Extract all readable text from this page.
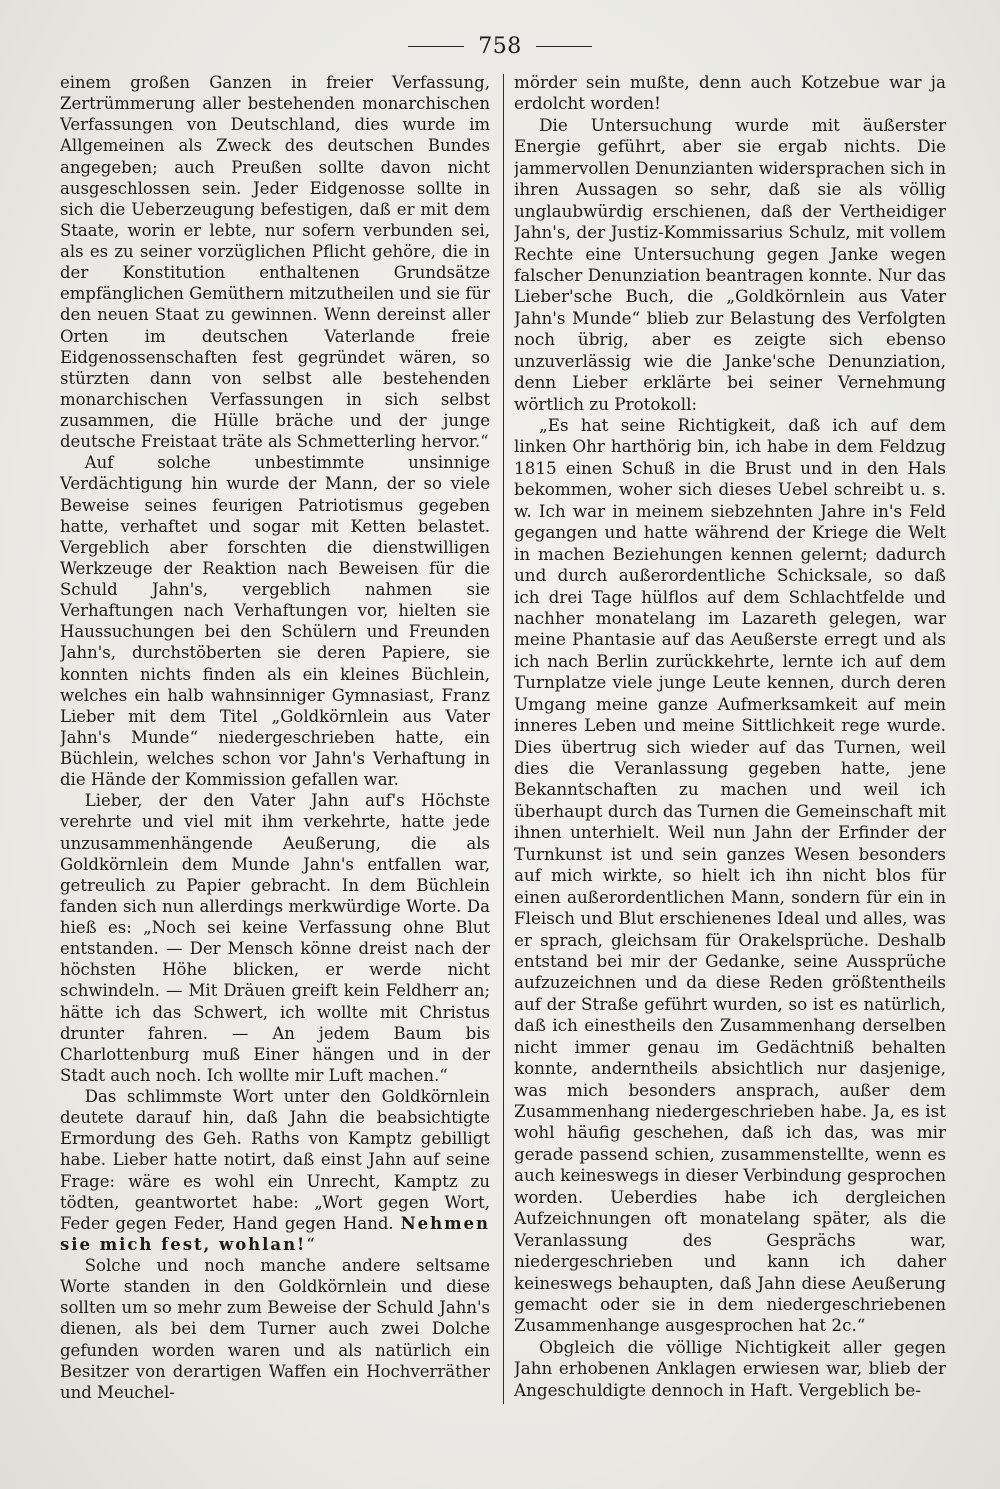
758

einem großen Ganzen in freier Verfassung, Zertrümmerung aller bestehenden monarchischen Verfassungen von Deutschland, dies wurde im Allgemeinen als Zweck des deutschen Bundes angegeben; auch Preußen sollte davon nicht ausgeschlossen sein. Jeder Eidgenosse sollte in sich die Ueberzeugung befestigen, daß er mit dem Staate, worin er lebte, nur sofern verbunden sei, als es zu seiner vorzüglichen Pflicht gehöre, die in der Konstitution enthaltenen Grundsätze empfänglichen Gemüthern mitzutheilen und sie für den neuen Staat zu gewinnen. Wenn dereinst aller Orten im deutschen Vaterlande freie Eidgenossenschaften fest gegründet wären, so stürzten dann von selbst alle bestehenden monarchischen Verfassungen in sich selbst zusammen, die Hülle bräche und der junge deutsche Freistaat träte als Schmetterling hervor.“

Auf solche unbestimmte unsinnige Verdächtigung hin wurde der Mann, der so viele Beweise seines feurigen Patriotismus gegeben hatte, verhaftet und sogar mit Ketten belastet. Vergeblich aber forschten die dienstwilligen Werkzeuge der Reaktion nach Beweisen für die Schuld Jahn's, vergeblich nahmen sie Verhaftungen nach Verhaftungen vor, hielten sie Haussuchungen bei den Schülern und Freunden Jahn's, durchstöberten sie deren Papiere, sie konnten nichts finden als ein kleines Büchlein, welches ein halb wahnsinniger Gymnasiast, Franz Lieber mit dem Titel „Goldkörnlein aus Vater Jahn's Munde“ niedergeschrieben hatte, ein Büchlein, welches schon vor Jahn's Verhaftung in die Hände der Kommission gefallen war.

Lieber, der den Vater Jahn auf's Höchste verehrte und viel mit ihm verkehrte, hatte jede unzusammenhängende Aeußerung, die als Goldkörnlein dem Munde Jahn's entfallen war, getreulich zu Papier gebracht. In dem Büchlein fanden sich nun allerdings merkwürdige Worte. Da hieß es: „Noch sei keine Verfassung ohne Blut entstanden. — Der Mensch könne dreist nach der höchsten Höhe blicken, er werde nicht schwindeln. — Mit Dräuen greift kein Feldherr an; hätte ich das Schwert, ich wollte mit Christus drunter fahren. — An jedem Baum bis Charlottenburg muß Einer hängen und in der Stadt auch noch. Ich wollte mir Luft machen.“

Das schlimmste Wort unter den Goldkörnlein deutete darauf hin, daß Jahn die beabsichtigte Ermordung des Geh. Raths von Kamptz gebilligt habe. Lieber hatte notirt, daß einst Jahn auf seine Frage: wäre es wohl ein Unrecht, Kamptz zu tödten, geantwortet habe: „Wort gegen Wort, Feder gegen Feder, Hand gegen Hand. Nehmen sie mich fest, wohlan!“

Solche und noch manche andere seltsame Worte standen in den Goldkörnlein und diese sollten um so mehr zum Beweise der Schuld Jahn's dienen, als bei dem Turner auch zwei Dolche gefunden worden waren und als natürlich ein Besitzer von derartigen Waffen ein Hochverräther und Meuchel-

mörder sein mußte, denn auch Kotzebue war ja erdolcht worden!

Die Untersuchung wurde mit äußerster Energie geführt, aber sie ergab nichts. Die jammervollen Denunzianten widersprachen sich in ihren Aussagen so sehr, daß sie als völlig unglaubwürdig erschienen, daß der Vertheidiger Jahn's, der Justiz-Kommissarius Schulz, mit vollem Rechte eine Untersuchung gegen Janke wegen falscher Denunziation beantragen konnte. Nur das Lieber'sche Buch, die „Goldkörnlein aus Vater Jahn's Munde“ blieb zur Belastung des Verfolgten noch übrig, aber es zeigte sich ebenso unzuverlässig wie die Janke'sche Denunziation, denn Lieber erklärte bei seiner Vernehmung wörtlich zu Protokoll:

„Es hat seine Richtigkeit, daß ich auf dem linken Ohr harthörig bin, ich habe in dem Feldzug 1815 einen Schuß in die Brust und in den Hals bekommen, woher sich dieses Uebel schreibt u. s. w. Ich war in meinem siebzehnten Jahre in's Feld gegangen und hatte während der Kriege die Welt in machen Beziehungen kennen gelernt; dadurch und durch außerordentliche Schicksale, so daß ich drei Tage hülflos auf dem Schlachtfelde und nachher monatelang im Lazareth gelegen, war meine Phantasie auf das Aeußerste erregt und als ich nach Berlin zurückkehrte, lernte ich auf dem Turnplatze viele junge Leute kennen, durch deren Umgang meine ganze Aufmerksamkeit auf mein inneres Leben und meine Sittlichkeit rege wurde. Dies übertrug sich wieder auf das Turnen, weil dies die Veranlassung gegeben hatte, jene Bekanntschaften zu machen und weil ich überhaupt durch das Turnen die Gemeinschaft mit ihnen unterhielt. Weil nun Jahn der Erfinder der Turnkunst ist und sein ganzes Wesen besonders auf mich wirkte, so hielt ich ihn nicht blos für einen außerordentlichen Mann, sondern für ein in Fleisch und Blut erschienenes Ideal und alles, was er sprach, gleichsam für Orakelsprüche. Deshalb entstand bei mir der Gedanke, seine Aussprüche aufzuzeichnen und da diese Reden größtentheils auf der Straße geführt wurden, so ist es natürlich, daß ich einestheils den Zusammenhang derselben nicht immer genau im Gedächtniß behalten konnte, anderntheils absichtlich nur dasjenige, was mich besonders ansprach, außer dem Zusammenhang niedergeschrieben habe. Ja, es ist wohl häufig geschehen, daß ich das, was mir gerade passend schien, zusammenstellte, wenn es auch keineswegs in dieser Verbindung gesprochen worden. Ueberdies habe ich dergleichen Aufzeichnungen oft monatelang später, als die Veranlassung des Gesprächs war, niedergeschrieben und kann ich daher keineswegs behaupten, daß Jahn diese Aeußerung gemacht oder sie in dem niedergeschriebenen Zusammenhange ausgesprochen hat 2c.“

Obgleich die völlige Nichtigkeit aller gegen Jahn erhobenen Anklagen erwiesen war, blieb der Angeschuldigte dennoch in Haft. Vergeblich be-
